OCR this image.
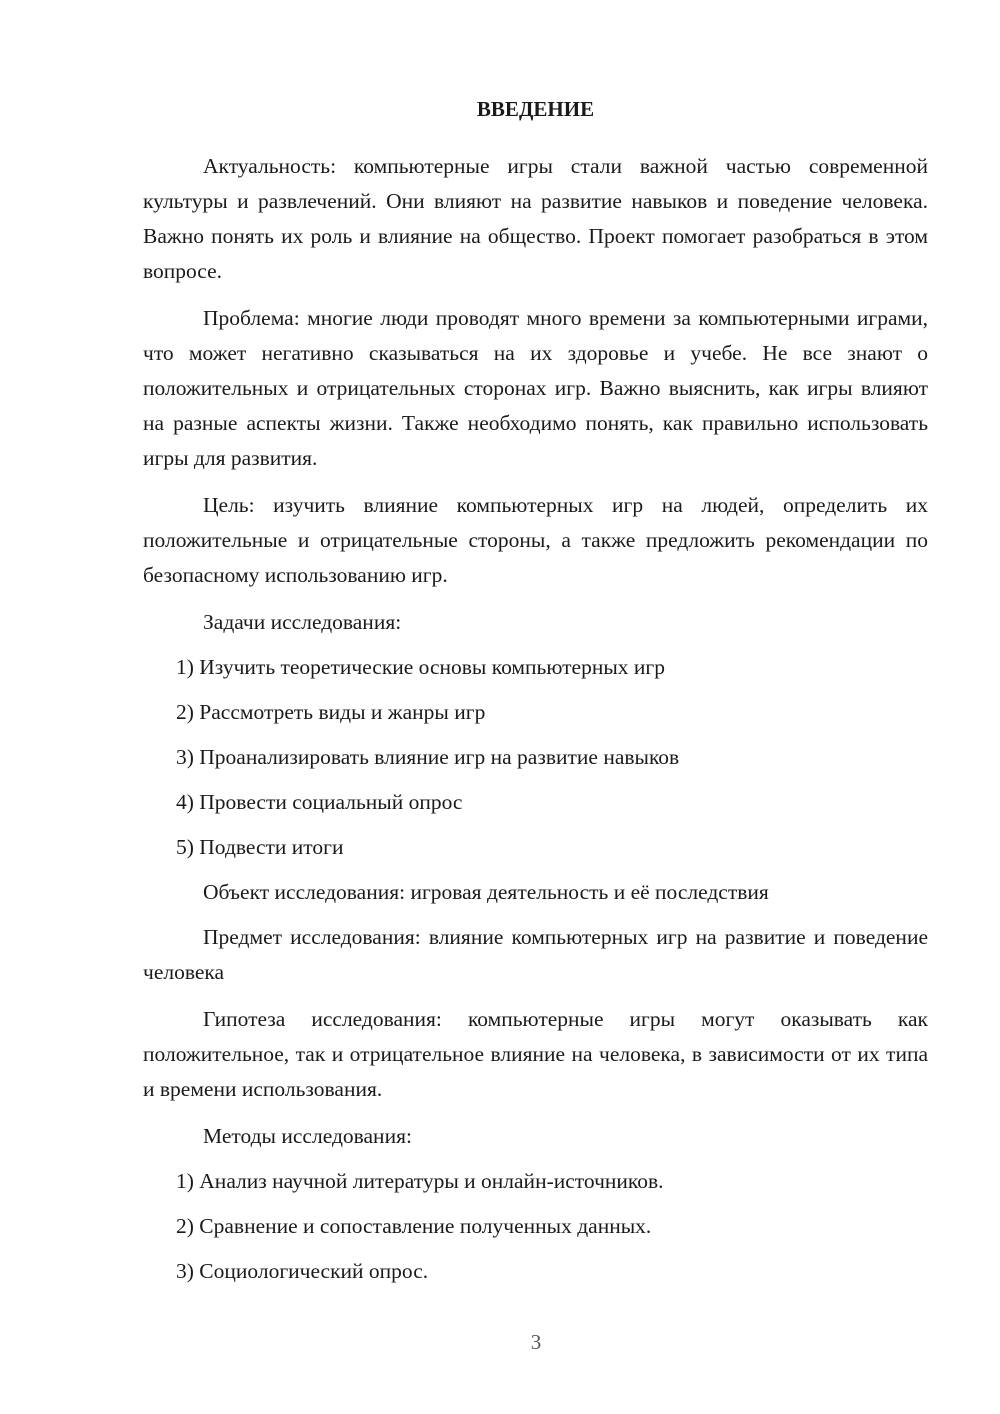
ВВЕДЕНИЕ

Актуальность: компьютерные игры стали важной частью современной культуры и развлечений. Они влияют на развитие навыков и поведение человека. Важно понять их роль и влияние на общество. Проект помогает разобраться в этом вопросе.

Проблема: многие люди проводят много времени за компьютерными играми, что может негативно сказываться на их здоровье и учебе. Не все знают о положительных и отрицательных сторонах игр. Важно выяснить, как игры влияют на разные аспекты жизни. Также необходимо понять, как правильно использовать игры для развития.

Цель: изучить влияние компьютерных игр на людей, определить их положительные и отрицательные стороны, а также предложить рекомендации по безопасному использованию игр.

Задачи исследования:

1) Изучить теоретические основы компьютерных игр
2) Рассмотреть виды и жанры игр
3) Проанализировать влияние игр на развитие навыков
4) Провести социальный опрос
5) Подвести итоги

Объект исследования: игровая деятельность и её последствия

Предмет исследования: влияние компьютерных игр на развитие и поведение человека

Гипотеза исследования: компьютерные игры могут оказывать как положительное, так и отрицательное влияние на человека, в зависимости от их типа и времени использования.

Методы исследования:

1) Анализ научной литературы и онлайн-источников.
2) Сравнение и сопоставление полученных данных.
3) Социологический опрос.
3
